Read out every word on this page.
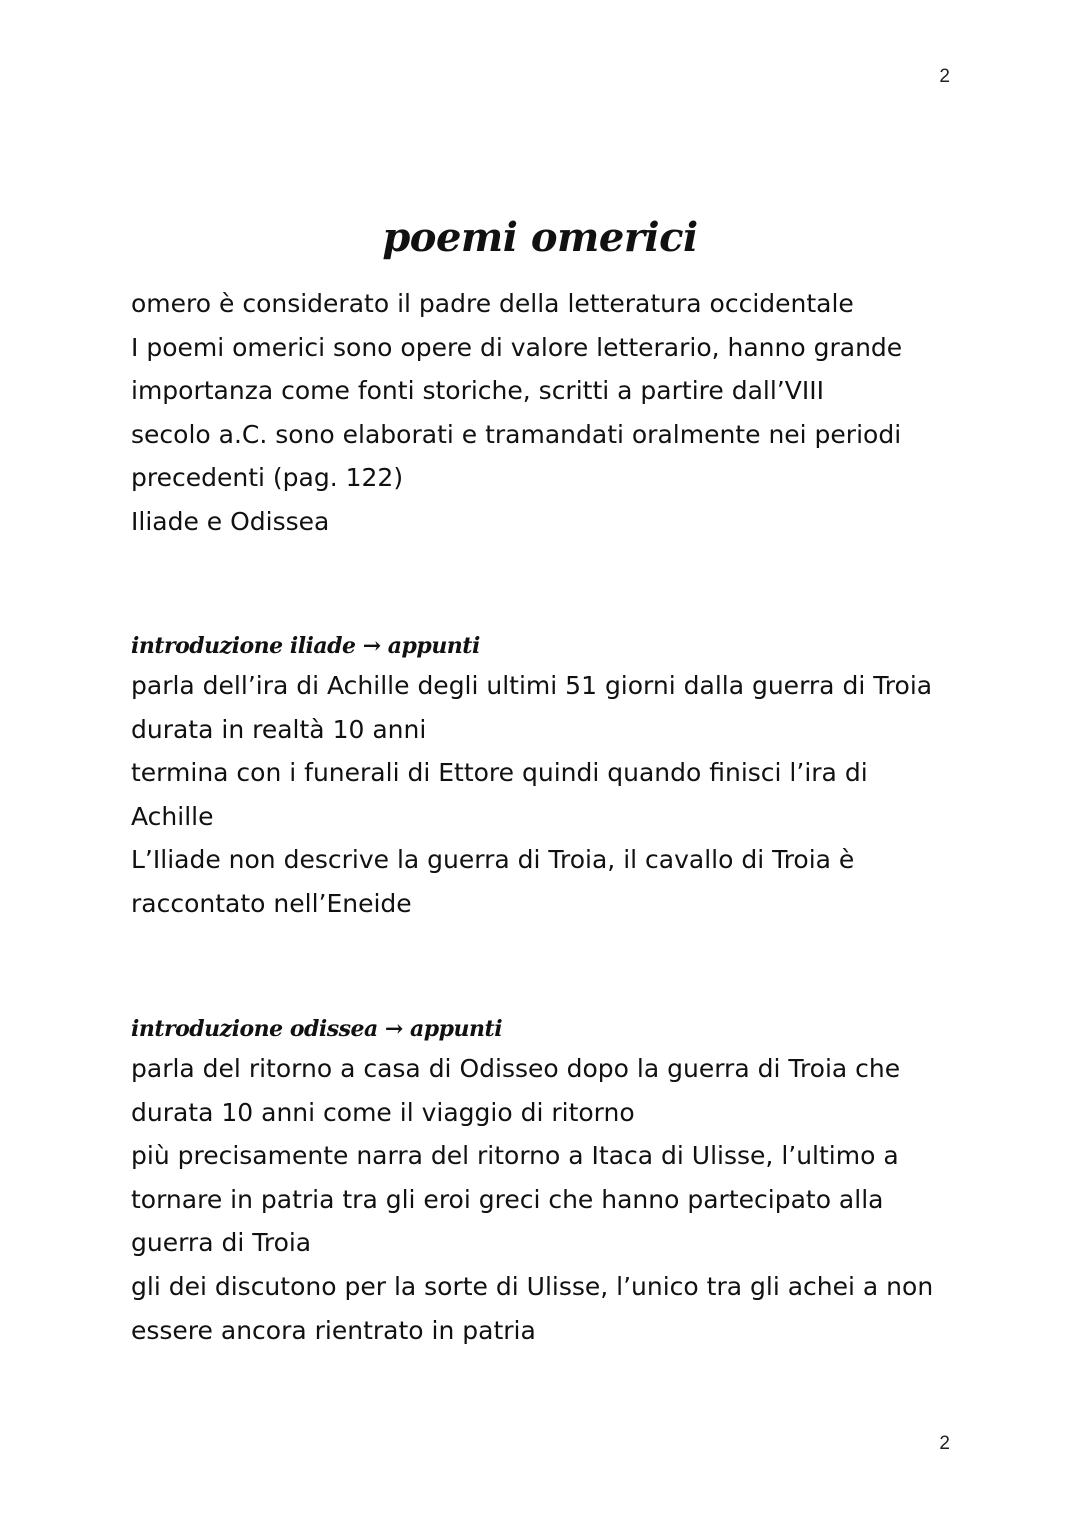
2
poemi omerici
omero è considerato il padre della letteratura occidentale
I poemi omerici sono opere di valore letterario, hanno grande
importanza come fonti storiche, scritti a partire dall’VIII
secolo a.C. sono elaborati e tramandati oralmente nei periodi
precedenti (pag. 122)
Iliade e Odissea
introduzione iliade → appunti
parla dell’ira di Achille degli ultimi 51 giorni dalla guerra di Troia
durata in realtà 10 anni
termina con i funerali di Ettore quindi quando finisci l’ira di
Achille
L’Iliade non descrive la guerra di Troia, il cavallo di Troia è
raccontato nell’Eneide
introduzione odissea → appunti
parla del ritorno a casa di Odisseo dopo la guerra di Troia che
durata 10 anni come il viaggio di ritorno
più precisamente narra del ritorno a Itaca di Ulisse, l’ultimo a
tornare in patria tra gli eroi greci che hanno partecipato alla
guerra di Troia
gli dei discutono per la sorte di Ulisse, l’unico tra gli achei a non
essere ancora rientrato in patria
2
